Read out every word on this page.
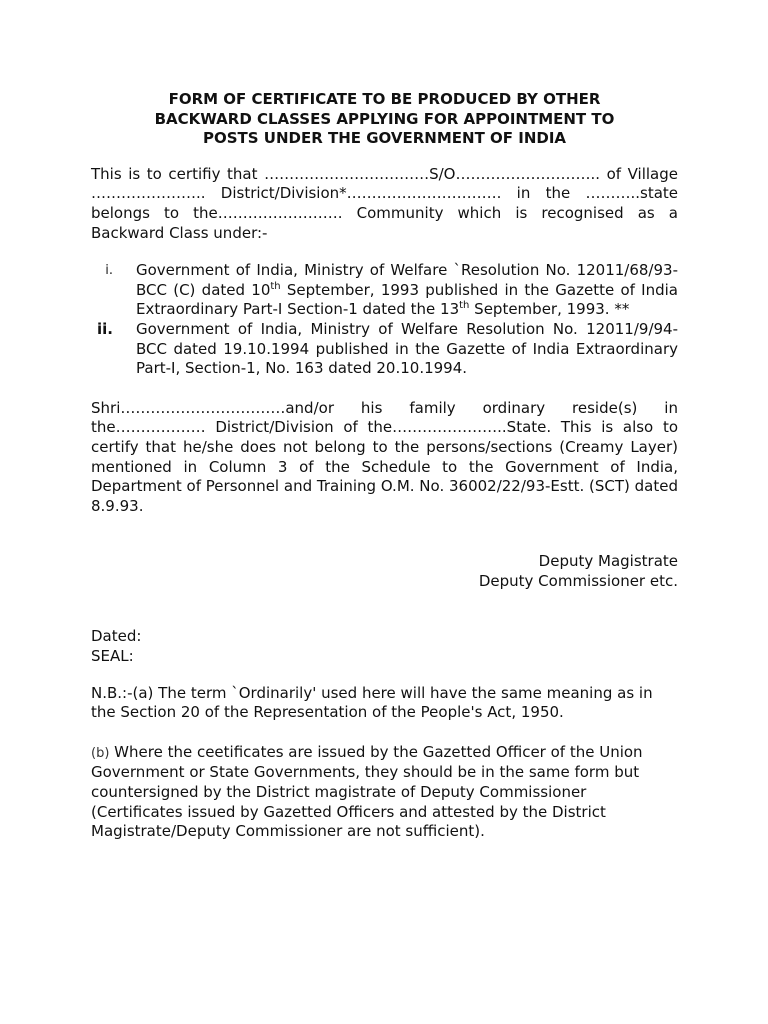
FORM OF CERTIFICATE TO BE PRODUCED BY OTHER
BACKWARD CLASSES APPLYING FOR APPOINTMENT TO
POSTS UNDER THE GOVERNMENT OF INDIA

This is to certifiy that ……………………………S/O……………………….. of Village ………………….. District/Division*…………………………. in the ………..state belongs to the……………………. Community which is recognised as a Backward Class under:-

i. Government of India, Ministry of Welfare `Resolution No. 12011/68/93-BCC (C) dated 10th September, 1993 published in the Gazette of India Extraordinary Part-I Section-1 dated the 13th September, 1993. **
ii. Government of India, Ministry of Welfare Resolution No. 12011/9/94-BCC dated 19.10.1994 published in the Gazette of India Extraordinary Part-I, Section-1, No. 163 dated 20.10.1994.

Shri……………………………and/or his family ordinary reside(s) in the……………… District/Division of the…………………..State. This is also to certify that he/she does not belong to the persons/sections (Creamy Layer) mentioned in Column 3 of the Schedule to the Government of India, Department of Personnel and Training O.M. No. 36002/22/93-Estt. (SCT) dated 8.9.93.

Deputy Magistrate
Deputy Commissioner etc.
Dated:
SEAL:

N.B.:-(a) The term `Ordinarily' used here will have the same meaning as in the Section 20 of the Representation of the People's Act, 1950.

(b) Where the ceetificates are issued by the Gazetted Officer of the Union Government or State Governments, they should be in the same form but countersigned by the District magistrate of Deputy Commissioner (Certificates issued by Gazetted Officers and attested by the District Magistrate/Deputy Commissioner are not sufficient).
